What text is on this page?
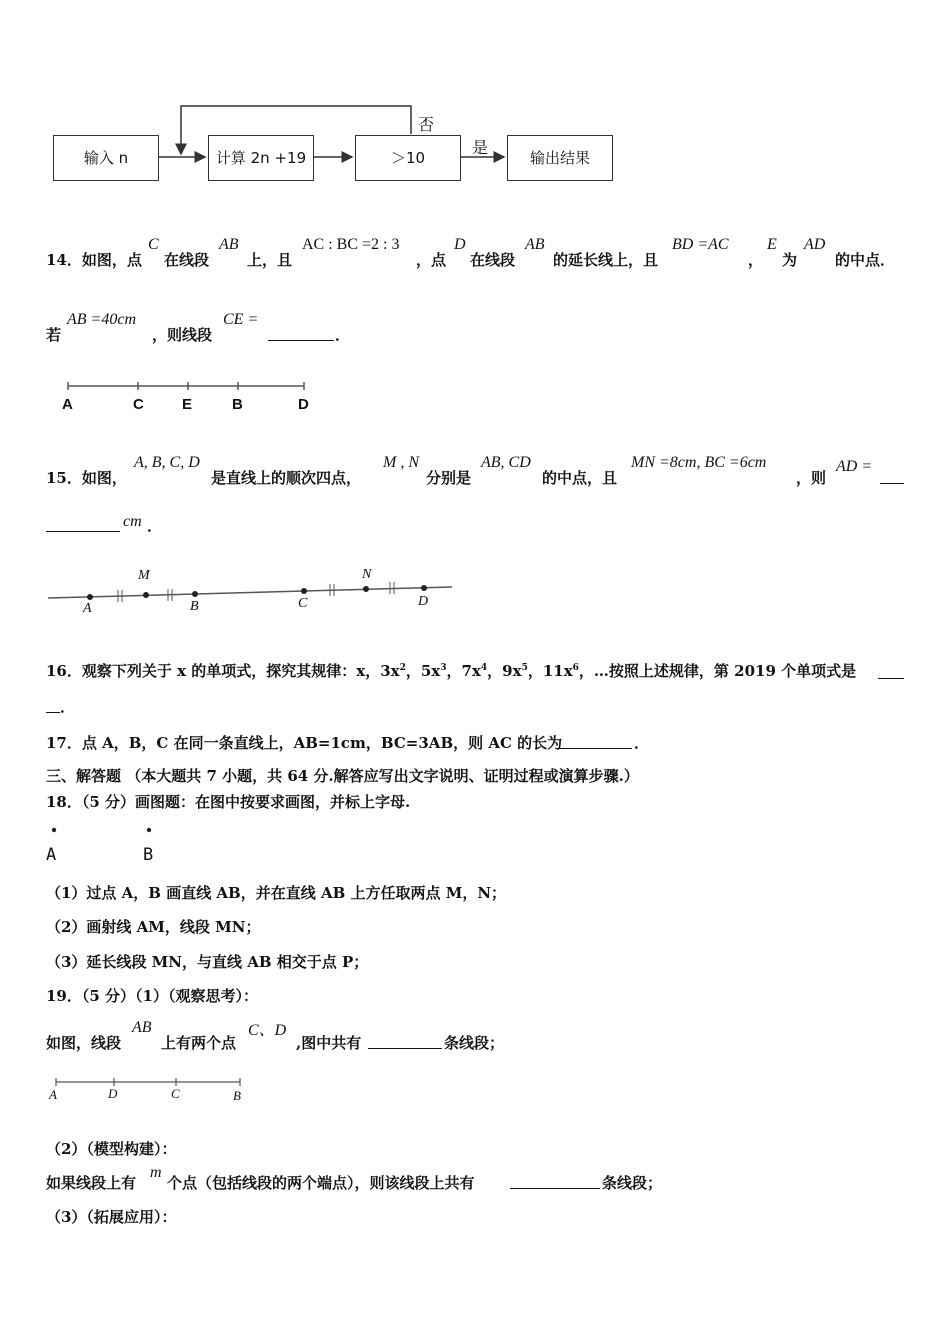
输入 n	计算 2n +19	＞10	输出结果
否
是
14．如图，点
C
在线段
AB
上，且
AC : BC =2 : 3
，点
D
在线段
AB
的延长线上，且
BD =AC
，
E
为
AD
的中点．
若
AB =40cm
，则线段
CE =
．
A	C	E	B	D
15．如图，
A, B, C, D
是直线上的顺次四点，
M , N
分别是
AB, CD
的中点，且
MN =8cm, BC =6cm
，则
AD =
cm ．
A
M
B	C
N
D
16．观察下列关于 x 的单项式，探究其规律：x，$3x^2$，$5x^3$，$7x^4$，$9x^5$，$11x^6$，…按照上述规律，第 2019 个单项式是
．
17．点 A，B，C 在同一条直线上，AB=1cm，BC=3AB，则 AC 的长为	．
三、解答题 （本大题共 7 小题，共 64 分.解答应写出文字说明、证明过程或演算步骤.）
18．（5 分）画图题：在图中按要求画图，并标上字母.
A	B
（1）过点 A，B 画直线 AB，并在直线 AB 上方任取两点 M，N；
（2）画射线 AM，线段 MN；
（3）延长线段 MN，与直线 AB 相交于点 P；
19．（5 分）（1）（观察思考）：
如图，线段
AB
上有两个点
C、D
,图中共有	条线段；
A	D	C	B
（2）（模型构建）：
如果线段上有
m
个点（包括线段的两个端点），则该线段上共有	条线段；
（3）（拓展应用）：
